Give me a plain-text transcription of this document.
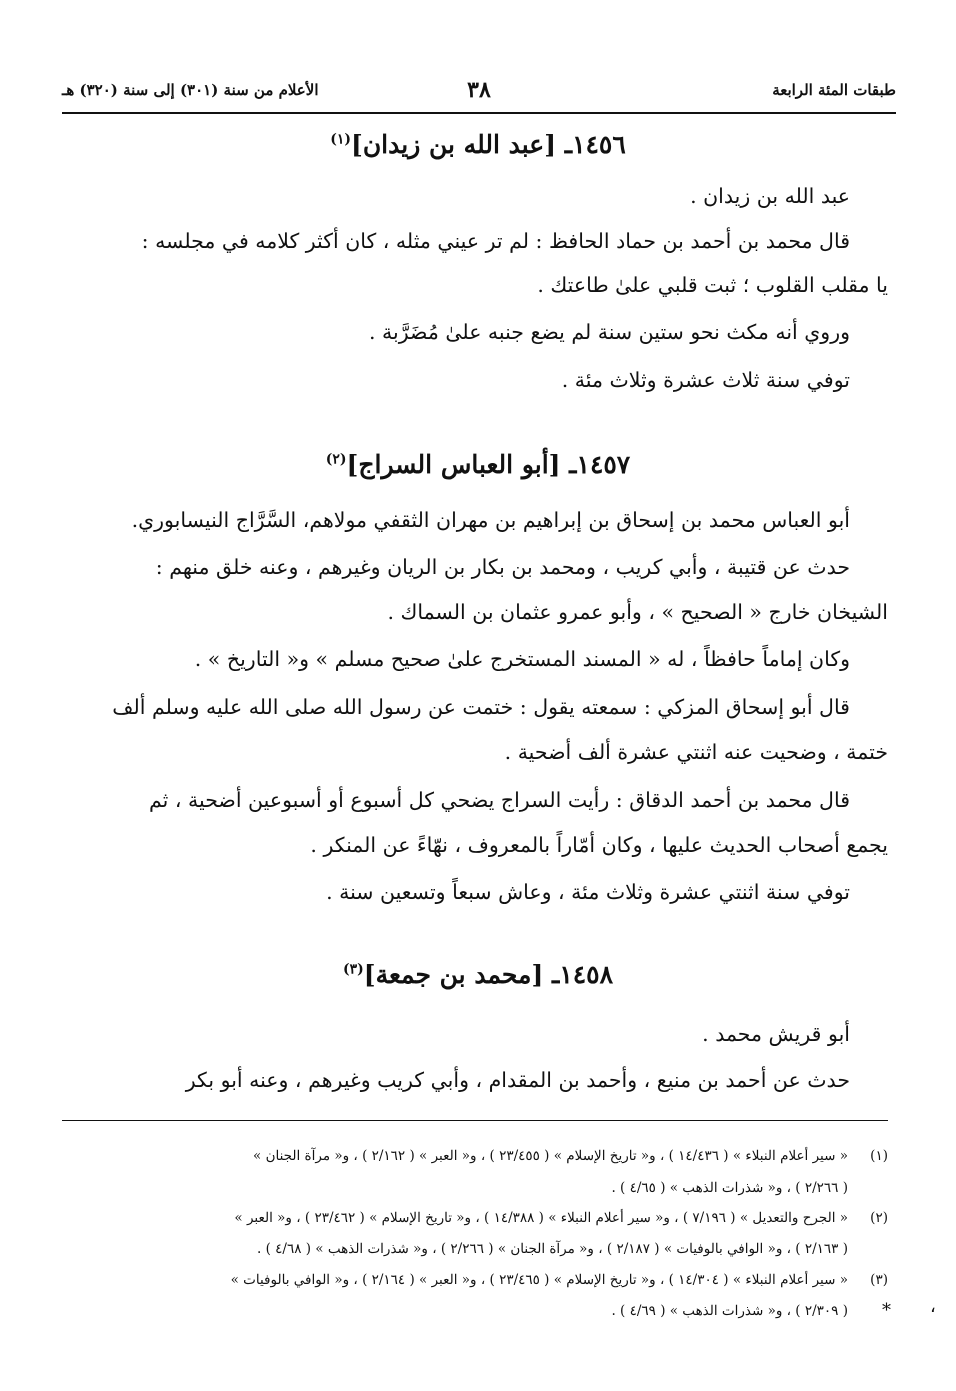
طبقات المئة الرابعة
٣٨
الأعلام من سنة (٣٠١) إلى سنة (٣٢٠) هـ
١٤٥٦ـ [عبد الله بن زيدان]$^{(١)}$
عبد الله بن زيدان .
قال محمد بن أحمد بن حماد الحافظ : لم تر عيني مثله ، كان أكثر كلامه في مجلسه :
يا مقلب القلوب ؛ ثبت قلبي علىٰ طاعتك .
وروي أنه مكث نحو ستين سنة لم يضع جنبه علىٰ مُضَرَّبة .
توفي سنة ثلاث عشرة وثلاث مئة .
١٤٥٧ـ [أبو العباس السراج]$^{(٢)}$
أبو العباس محمد بن إسحاق بن إبراهيم بن مهران الثقفي مولاهم، السَّرَّاج النيسابوري.
حدث عن قتيبة ، وأبي كريب ، ومحمد بن بكار بن الريان وغيرهم ، وعنه خلق منهم :
الشيخان خارج « الصحيح » ، وأبو عمرو عثمان بن السماك .
وكان إماماً حافظاً ، له « المسند المستخرج علىٰ صحيح مسلم » و« التاريخ » .
قال أبو إسحاق المزكي : سمعته يقول : ختمت عن رسول الله صلى الله عليه وسلم ألف
ختمة ، وضحيت عنه اثنتي عشرة ألف أضحية .
قال محمد بن أحمد الدقاق : رأيت السراج يضحي كل أسبوع أو أسبوعين أضحية ، ثم
يجمع أصحاب الحديث عليها ، وكان أمّاراً بالمعروف ، نهّاءً عن المنكر .
توفي سنة اثنتي عشرة وثلاث مئة ، وعاش سبعاً وتسعين سنة .
١٤٥٨ـ [محمد بن جمعة]$^{(٣)}$
أبو قريش محمد .
حدث عن أحمد بن منيع ، وأحمد بن المقدام ، وأبي كريب وغيرهم ، وعنه أبو بكر
(١)
« سير أعلام النبلاء » ( ١٤/٤٣٦ ) ، و« تاريخ الإسلام » ( ٢٣/٤٥٥ ) ، و« العبر » ( ٢/١٦٢ ) ، و« مرآة الجنان »
( ٢/٢٦٦ ) ، و« شذرات الذهب » ( ٤/٦٥ ) .
(٢)
« الجرح والتعديل » ( ٧/١٩٦ ) ، و« سير أعلام النبلاء » ( ١٤/٣٨٨ ) ، و« تاريخ الإسلام » ( ٢٣/٤٦٢ ) ، و« العبر »
( ٢/١٦٣ ) ، و« الوافي بالوفيات » ( ٢/١٨٧ ) ، و« مرآة الجنان » ( ٢/٢٦٦ ) ، و« شذرات الذهب » ( ٤/٦٨ ) .
(٣)
« سير أعلام النبلاء » ( ١٤/٣٠٤ ) ، و« تاريخ الإسلام » ( ٢٣/٤٦٥ ) ، و« العبر » ( ٢/١٦٤ ) ، و« الوافي بالوفيات »
( ٢/٣٠٩ ) ، و« شذرات الذهب » ( ٤/٦٩ ) . * ،
